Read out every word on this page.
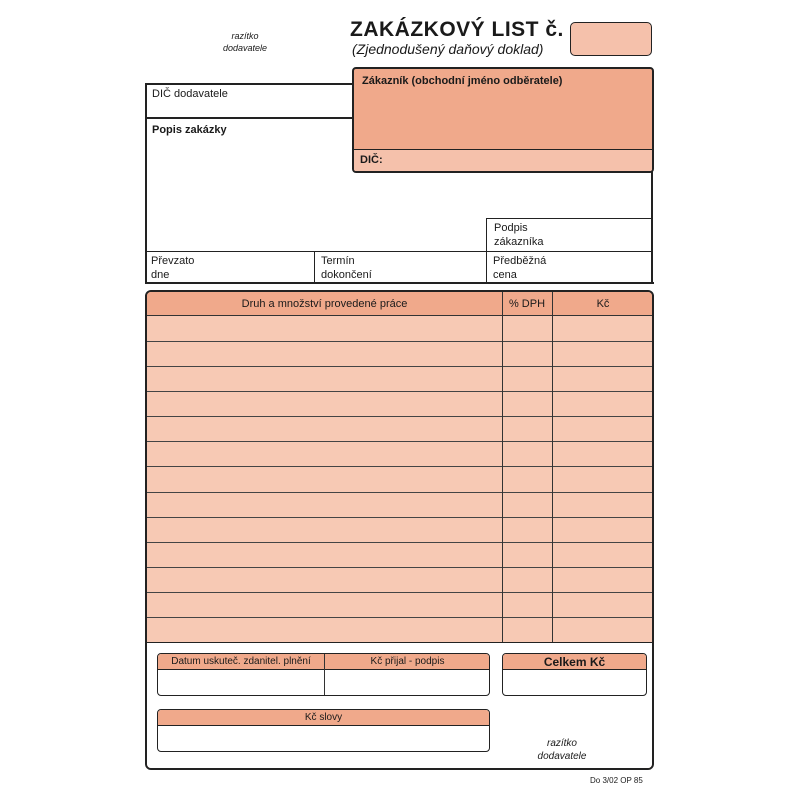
razítko
dodavatele
ZAKÁZKOVÝ LIST č.
(Zjednodušený daňový doklad)
DIČ dodavatele
Popis zakázky
Zákazník (obchodní jméno odběratele)
DIČ:
Podpis
zákazníka
Převzato
dne
Termín
dokončení
Předběžná
cena
Druh a množství provedené práce	% DPH	Kč
Datum uskuteč. zdanitel. plnění	Kč přijal - podpis	Celkem Kč
Kč slovy
razítko
dodavatele
Do 3/02 OP 85
